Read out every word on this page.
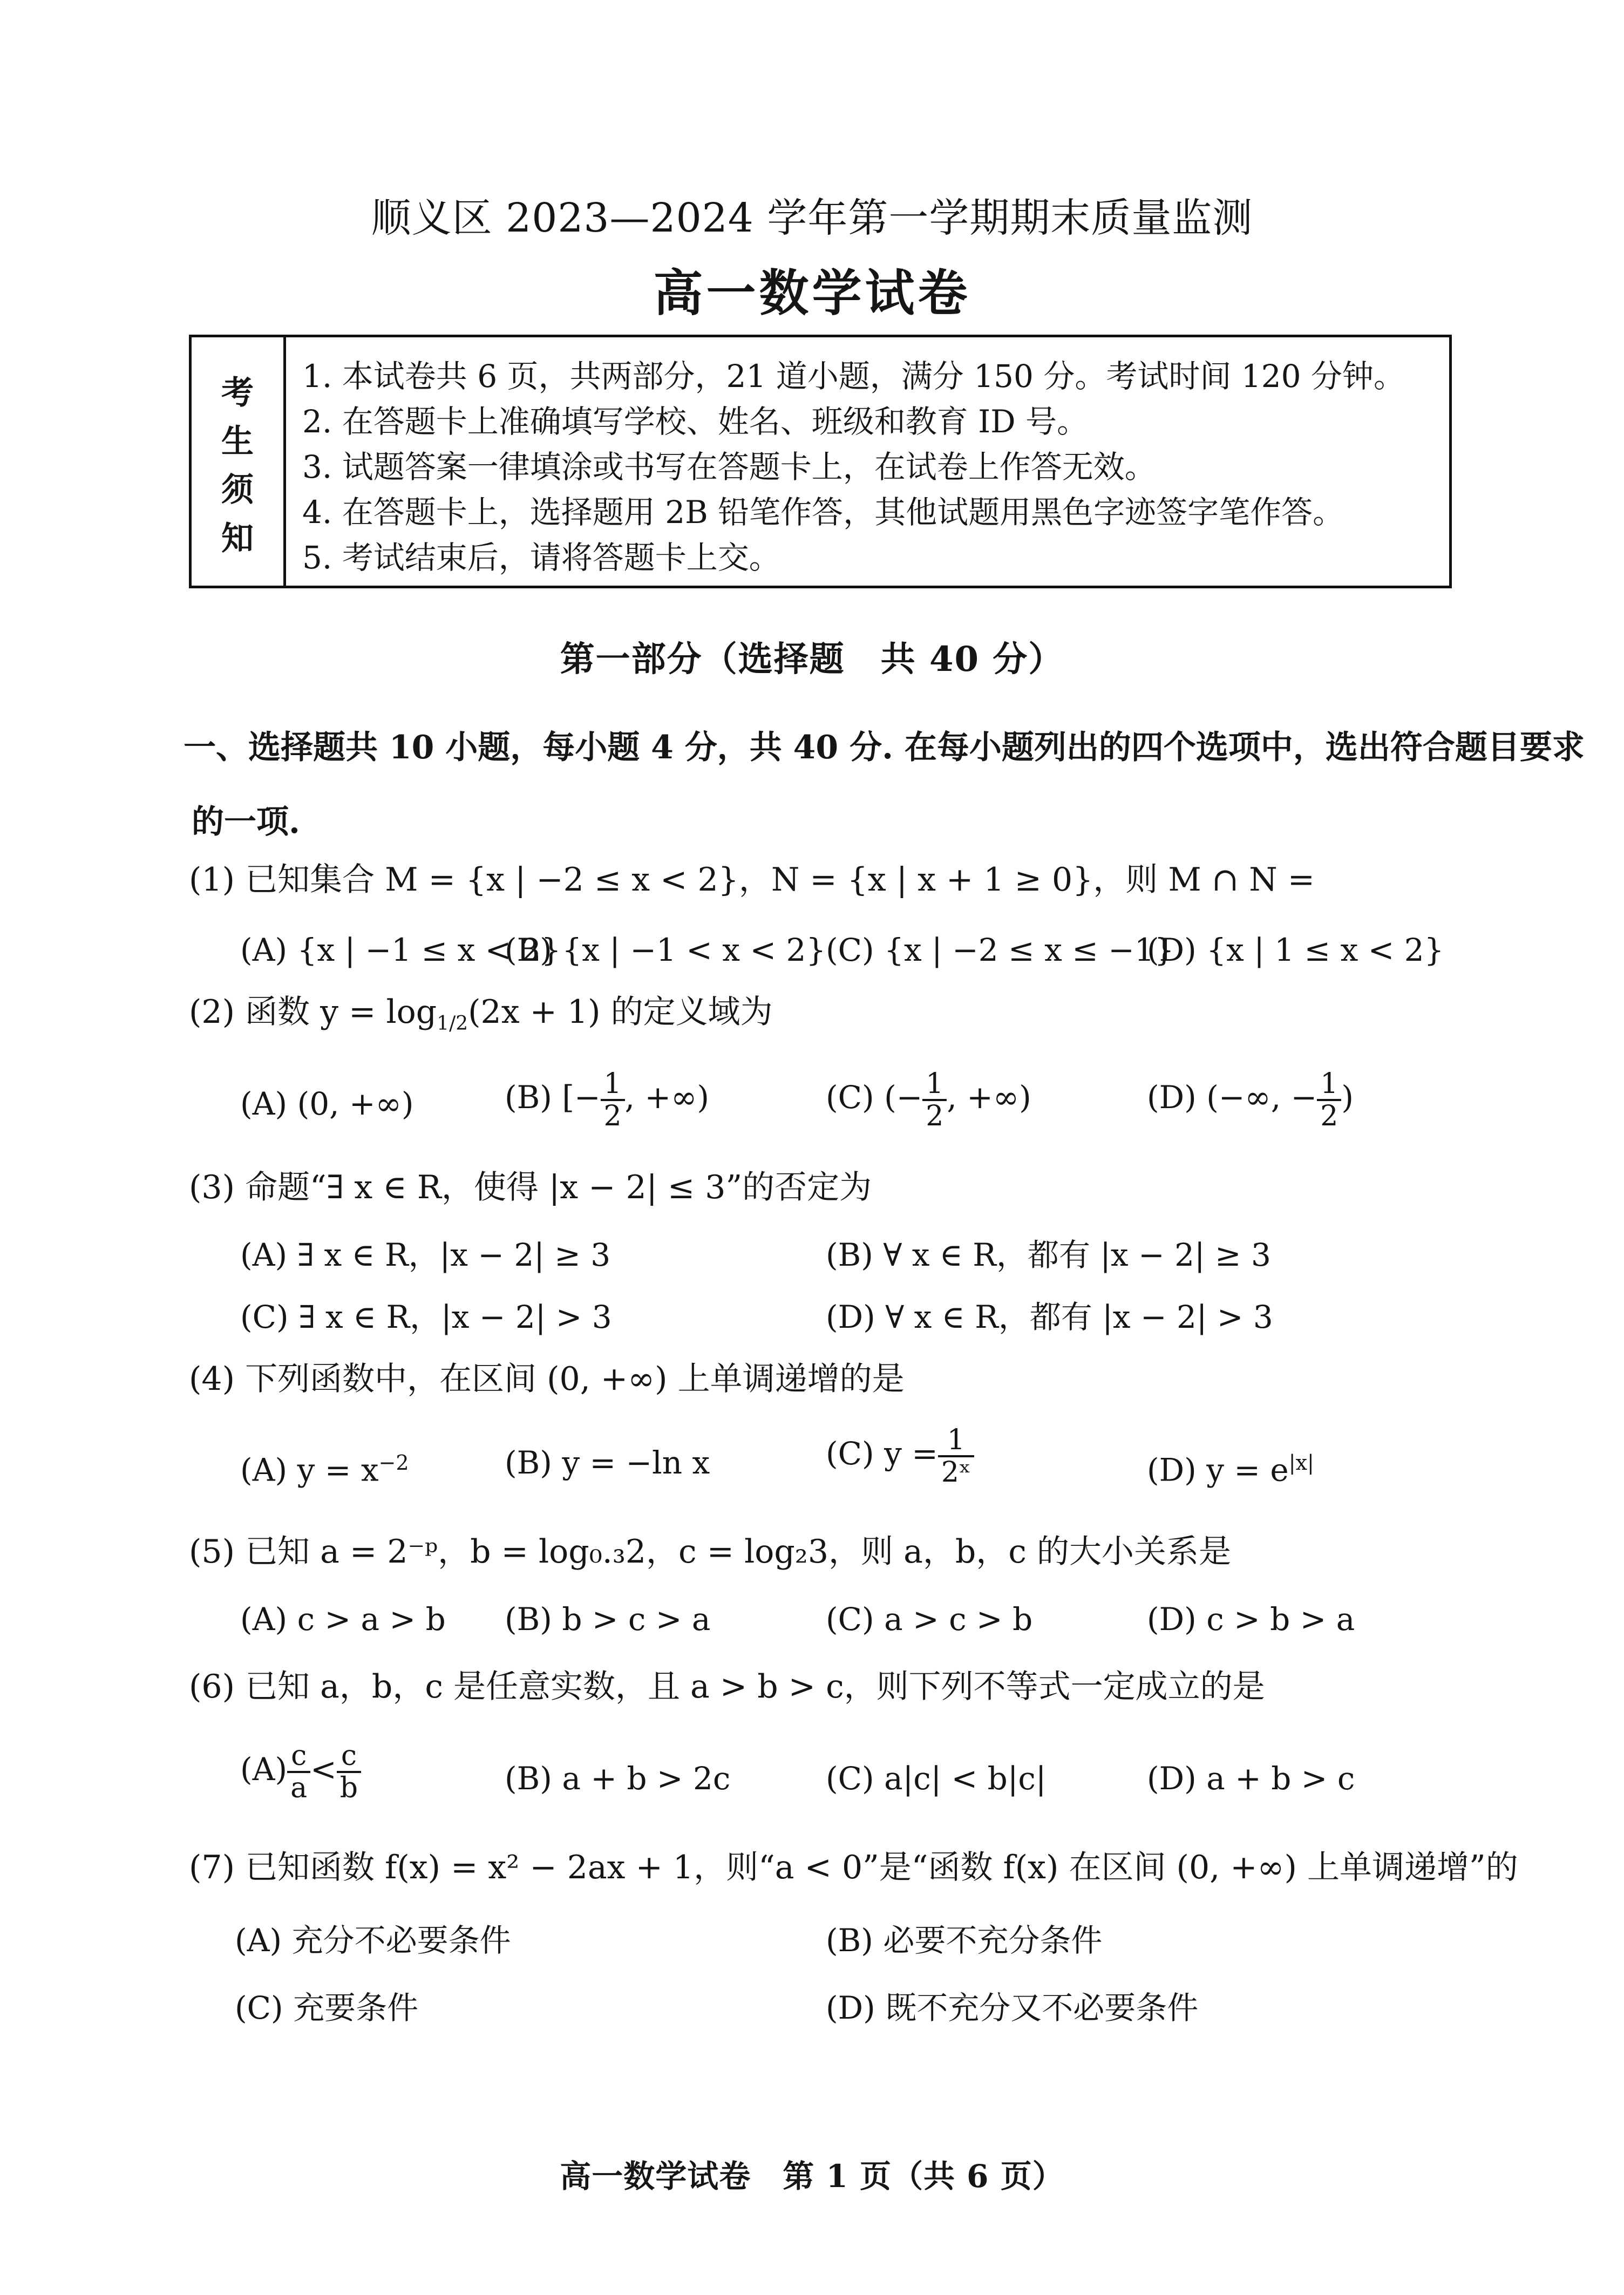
顺义区 2023—2024 学年第一学期期末质量监测
高一数学试卷
考
生
须
知
1. 本试卷共 6 页，共两部分，21 道小题，满分 150 分。考试时间 120 分钟。
2. 在答题卡上准确填写学校、姓名、班级和教育 ID 号。
3. 试题答案一律填涂或书写在答题卡上，在试卷上作答无效。
4. 在答题卡上，选择题用 2B 铅笔作答，其他试题用黑色字迹签字笔作答。
5. 考试结束后，请将答题卡上交。
第一部分（选择题　共 40 分）
一、选择题共 10 小题，每小题 4 分，共 40 分. 在每小题列出的四个选项中，选出符合题目要求
的一项.
(1) 已知集合 M = {x | −2 ≤ x < 2}，N = {x | x + 1 ≥ 0}，则 M ∩ N =
(A) {x | −1 ≤ x < 2}
(B) {x | −1 < x < 2} (C) {x | −2 ≤ x ≤ −1}
(D) {x | 1 ≤ x < 2}
(2) 函数 $y = \log_{1/2}(2x + 1)$ 的定义域为
(A) (0, +∞)	(B) [− $\frac{1}{2}$ , +∞)	(C) (− $\frac{1}{2}$ , +∞)	(D) (−∞, − $\frac{1}{2}$ )
(3) 命题“∃ x ∈ R，使得 |x − 2| ≤ 3”的否定为
(A) ∃ x ∈ R，|x − 2| ≥ 3	(B) ∀ x ∈ R，都有 |x − 2| ≥ 3
(C) ∃ x ∈ R，|x − 2| > 3	(D) ∀ x ∈ R，都有 |x − 2| > 3
(4) 下列函数中，在区间 (0, +∞) 上单调递增的是
(A) $y = x^{-2}$	(B) y = −ln x	(C) $y = \frac{1}{\text{2ˣ}}$	(D) $y = e^{|x|}$
(5) 已知 a = 2⁻ᵖ，b = log₀.₃2，c = log₂3，则 a，b，c 的大小关系是
(A) c > a > b (B) b > c > a	(C) a > c > b	(D) c > b > a
(6) 已知 a，b，c 是任意实数，且 a > b > c，则下列不等式一定成立的是
$(A) \frac{c}{a} < \frac{c}{b}$	(B) a + b > 2c	(C) a|c| < b|c|	(D) a + b > c
(7) 已知函数 f(x) = x² − 2ax + 1，则“a < 0”是“函数 f(x) 在区间 (0, +∞) 上单调递增”的
(A) 充分不必要条件	(B) 必要不充分条件
(C) 充要条件	(D) 既不充分又不必要条件
高一数学试卷　第 1 页（共 6 页）
